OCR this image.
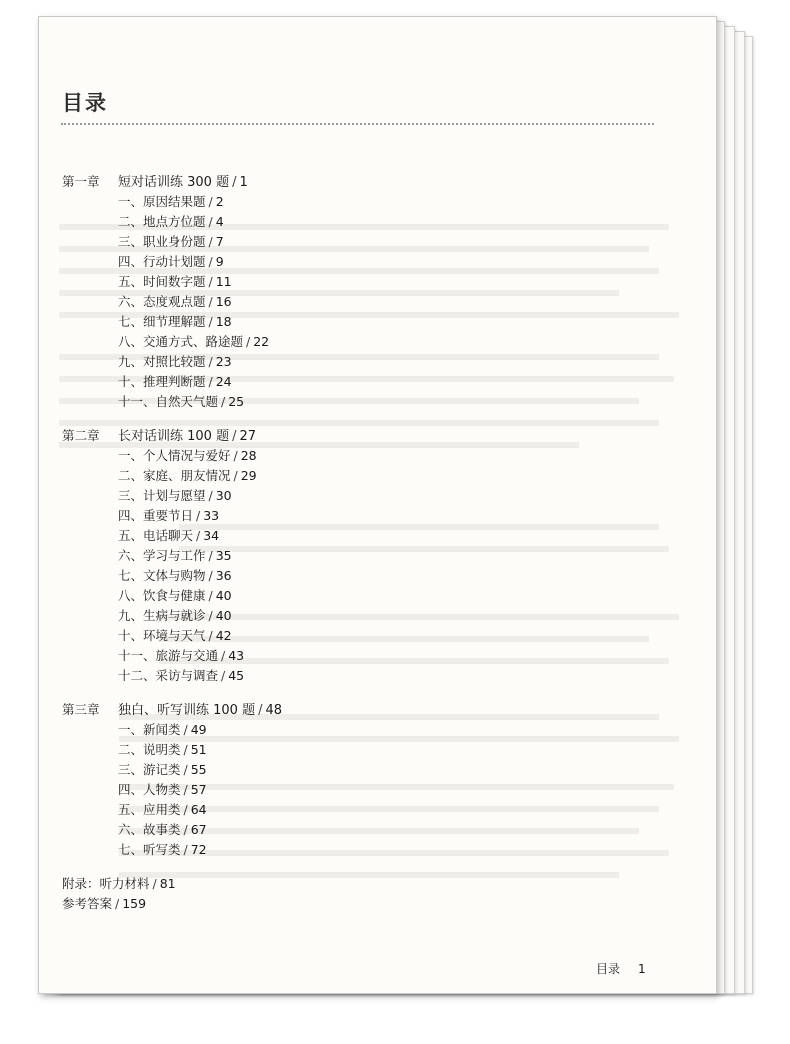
目录
第一章 短对话训练 300 题 / 1
一、原因结果题 / 2
二、地点方位题 / 4
三、职业身份题 / 7
四、行动计划题 / 9
五、时间数字题 / 11
六、态度观点题 / 16
七、细节理解题 / 18
八、交通方式、路途题 / 22
九、对照比较题 / 23
十、推理判断题 / 24
十一、自然天气题 / 25
第二章 长对话训练 100 题 / 27
一、个人情况与爱好 / 28
二、家庭、朋友情况 / 29
三、计划与愿望 / 30
四、重要节日 / 33
五、电话聊天 / 34
六、学习与工作 / 35
七、文体与购物 / 36
八、饮食与健康 / 40
九、生病与就诊 / 40
十、环境与天气 / 42
十一、旅游与交通 / 43
十二、采访与调查 / 45
第三章 独白、听写训练 100 题 / 48
一、新闻类 / 49
二、说明类 / 51
三、游记类 / 55
四、人物类 / 57
五、应用类 / 64
六、故事类 / 67
七、听写类 / 72
附录：听力材料 / 81
参考答案 / 159
目录 1
